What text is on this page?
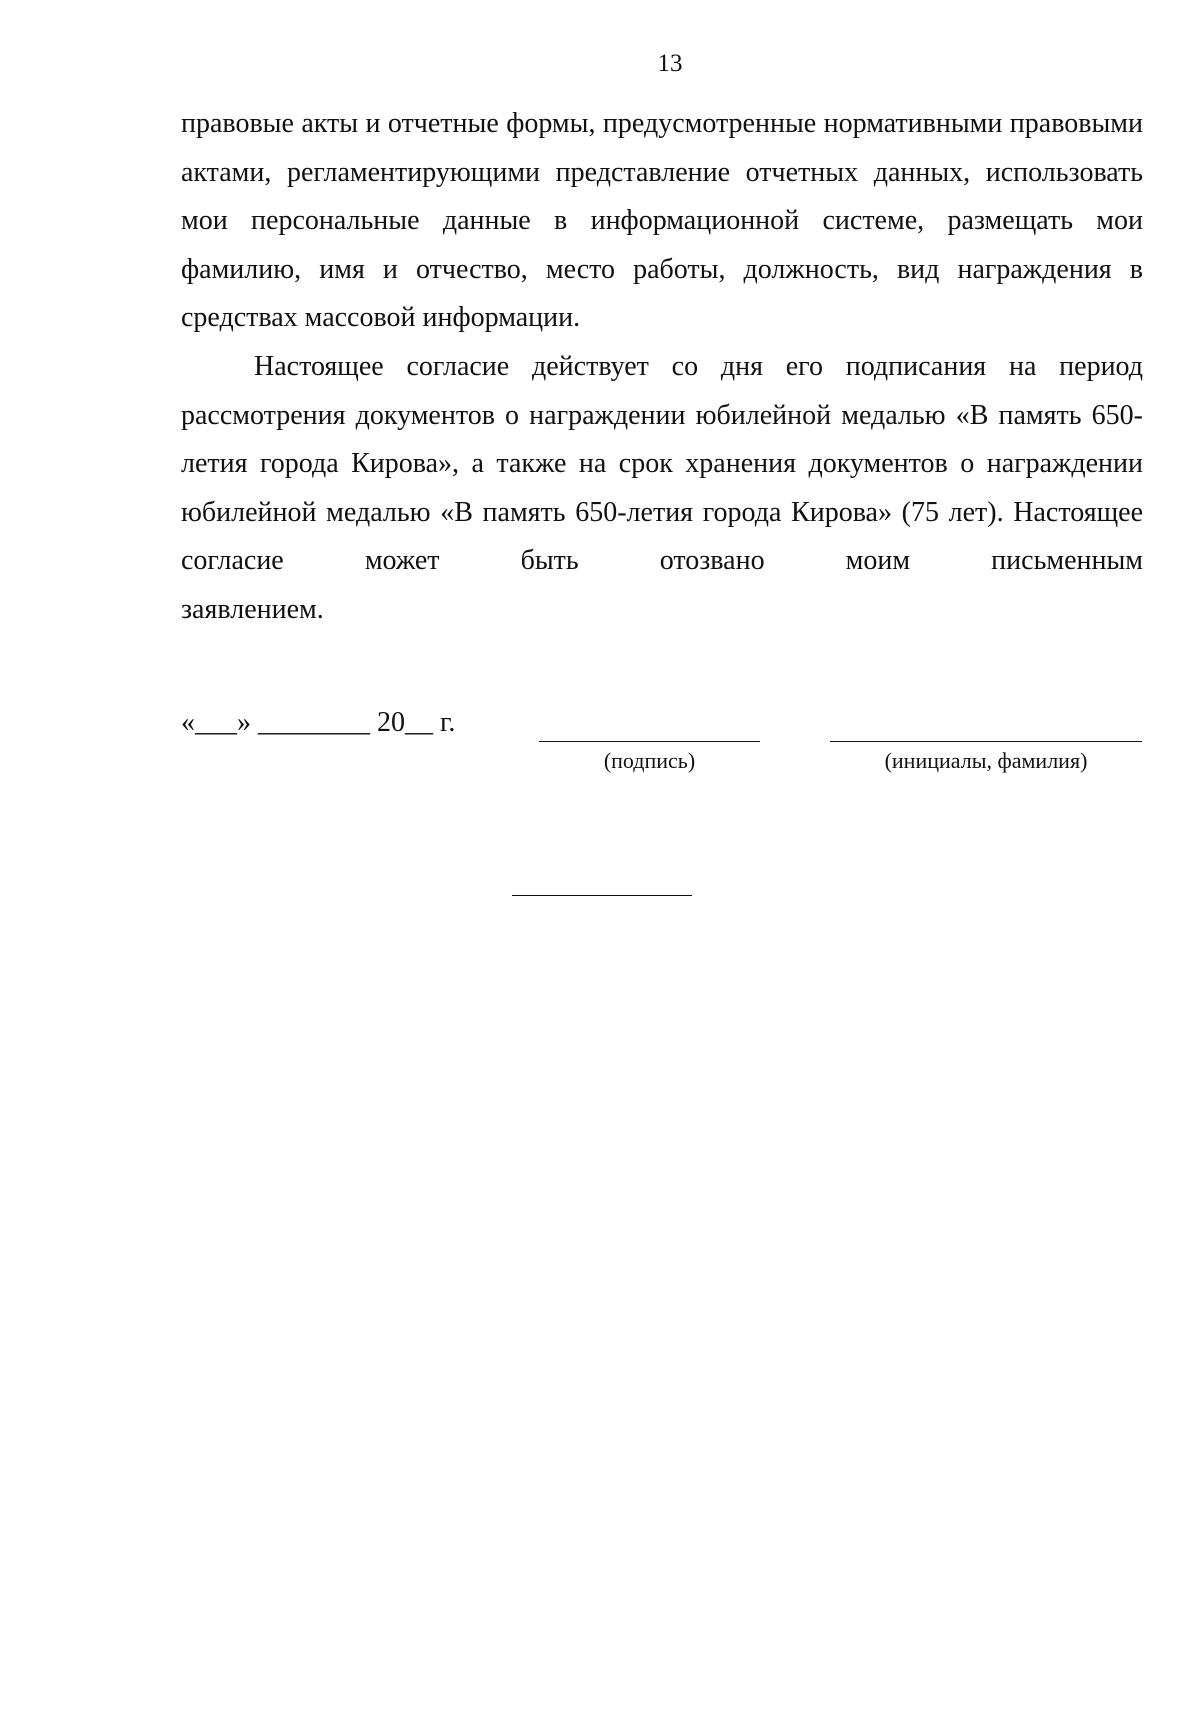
13
правовые акты и отчетные формы, предусмотренные нормативными правовыми актами, регламентирующими представление отчетных данных, использовать мои персональные данные в информационной системе, размещать мои фамилию, имя и отчество, место работы, должность, вид награждения в
средствах массовой информации.
Настоящее согласие действует со дня его подписания на период рассмотрения документов о награждении юбилейной медалью «В память 650-летия города Кирова», а также на срок хранения документов о награждении юбилейной медалью «В память 650-летия города Кирова» (75 лет). Настоящее согласие может быть отозвано моим письменным
заявлением.
«___» ________ 20__ г.
(подпись)	(инициалы, фамилия)
